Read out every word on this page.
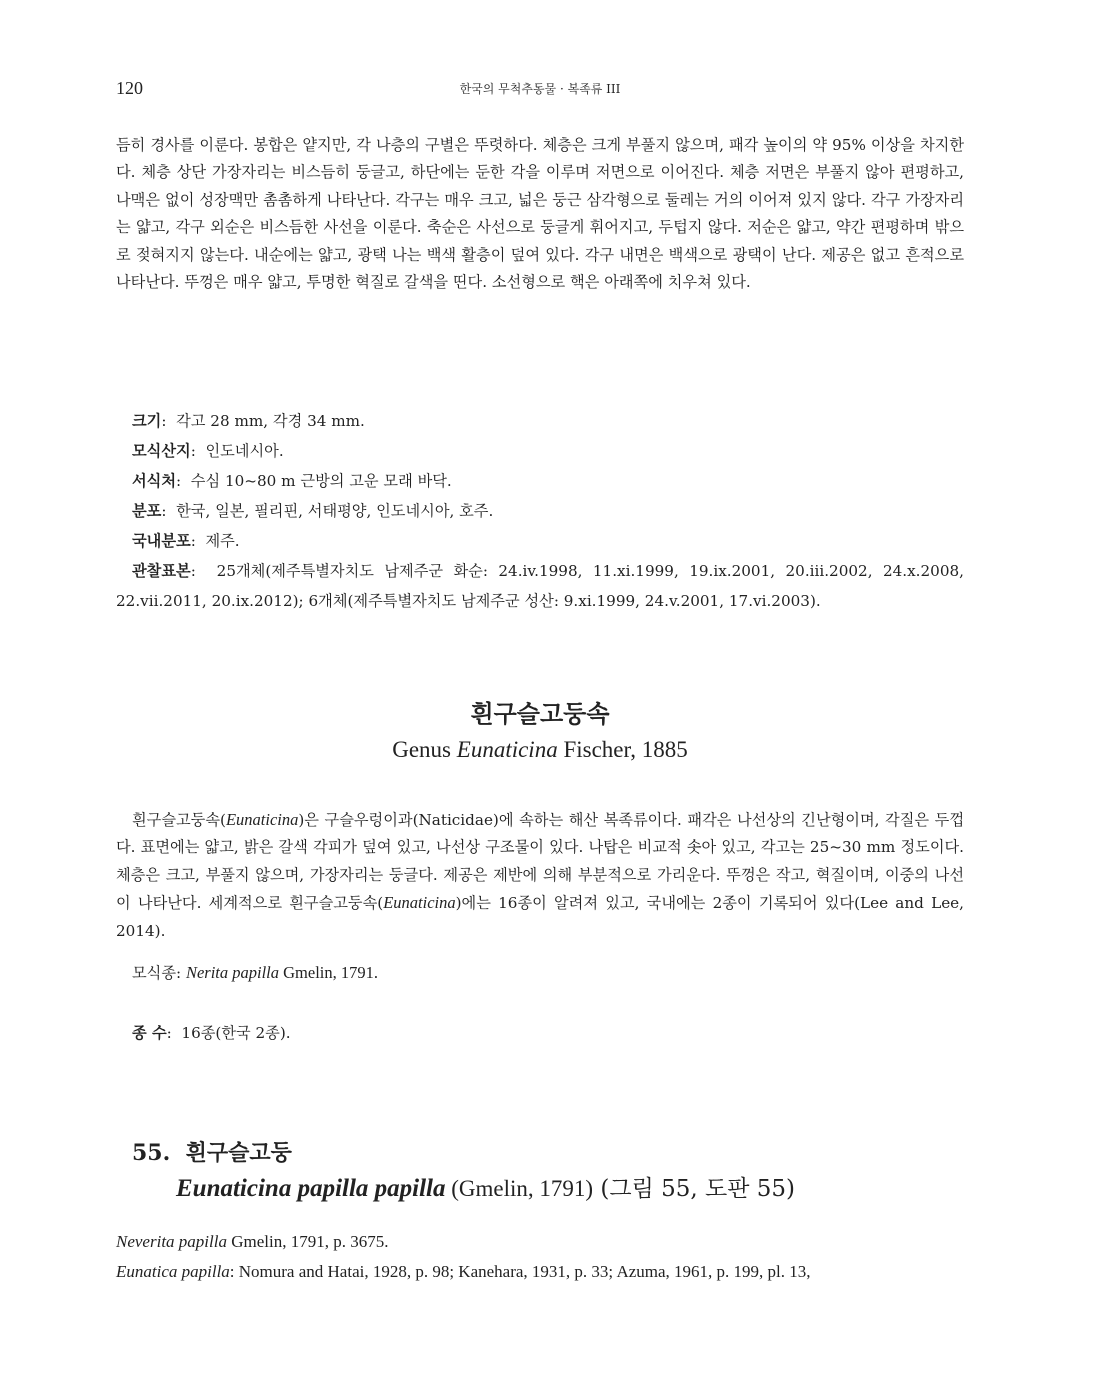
120	한국의 무척추동물 · 복족류 III

듬히 경사를 이룬다. 봉합은 얕지만, 각 나층의 구별은 뚜렷하다. 체층은 크게 부풀지 않으며, 패각 높이의 약 95% 이상을 차지한다. 체층 상단 가장자리는 비스듬히 둥글고, 하단에는 둔한 각을 이루며 저면으로 이어진다. 체층 저면은 부풀지 않아 편평하고, 나맥은 없이 성장맥만 촘촘하게 나타난다. 각구는 매우 크고, 넓은 둥근 삼각형으로 둘레는 거의 이어져 있지 않다. 각구 가장자리는 얇고, 각구 외순은 비스듬한 사선을 이룬다. 축순은 사선으로 둥글게 휘어지고, 두텁지 않다. 저순은 얇고, 약간 편평하며 밖으로 젖혀지지 않는다. 내순에는 얇고, 광택 나는 백색 활층이 덮여 있다. 각구 내면은 백색으로 광택이 난다. 제공은 없고 흔적으로 나타난다. 뚜껑은 매우 얇고, 투명한 혁질로 갈색을 띤다. 소선형으로 핵은 아래쪽에 치우쳐 있다.

크기:  각고 28 mm, 각경 34 mm.

모식산지:  인도네시아.

서식처:  수심 10~80 m 근방의 고운 모래 바닥.

분포:  한국, 일본, 필리핀, 서태평양, 인도네시아, 호주.

국내분포:  제주.

관찰표본:  25개체(제주특별자치도 남제주군 화순: 24.iv.1998, 11.xi.1999, 19.ix.2001, 20.iii.2002, 24.x.2008, 22.vii.2011, 20.ix.2012); 6개체(제주특별자치도 남제주군 성산: 9.xi.1999, 24.v.2001, 17.vi.2003).

흰구슬고둥속
Genus Eunaticina Fischer, 1885

흰구슬고둥속(Eunaticina)은 구슬우렁이과(Naticidae)에 속하는 해산 복족류이다. 패각은 나선상의 긴난형이며, 각질은 두껍다. 표면에는 얇고, 밝은 갈색 각피가 덮여 있고, 나선상 구조물이 있다. 나탑은 비교적 솟아 있고, 각고는 25~30 mm 정도이다. 체층은 크고, 부풀지 않으며, 가장자리는 둥글다. 제공은 제반에 의해 부분적으로 가리운다. 뚜껑은 작고, 혁질이며, 이중의 나선이 나타난다. 세계적으로 흰구슬고둥속(Eunaticina)에는 16종이 알려져 있고, 국내에는 2종이 기록되어 있다(Lee and Lee, 2014).

모식종: Nerita papilla Gmelin, 1791.
종 수:  16종(한국 2종).
55. 흰구슬고둥
Eunaticina papilla papilla (Gmelin, 1791) (그림 55, 도판 55)
Neverita papilla Gmelin, 1791, p. 3675.
Eunatica papilla: Nomura and Hatai, 1928, p. 98; Kanehara, 1931, p. 33; Azuma, 1961, p. 199, pl. 13,
